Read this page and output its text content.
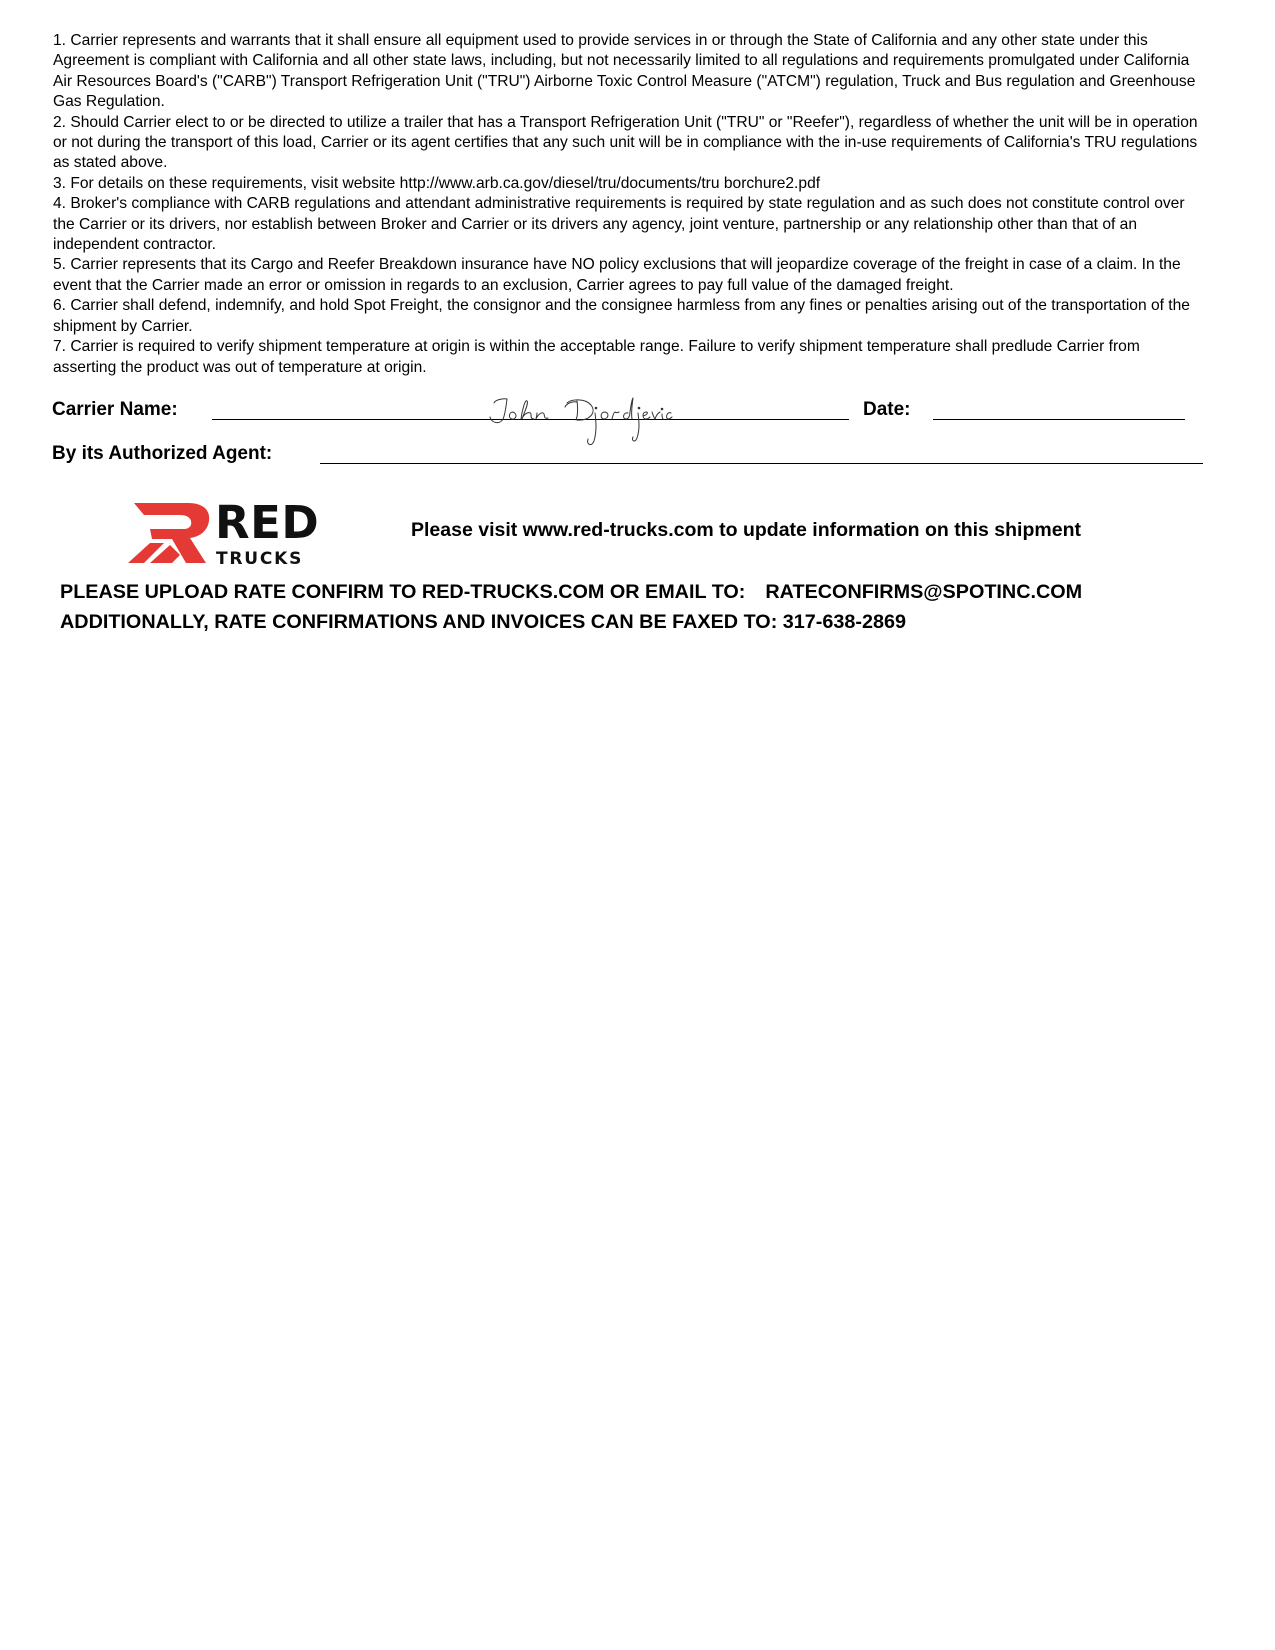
1. Carrier represents and warrants that it shall ensure all equipment used to provide services in or through the State of California and any other state under this Agreement is compliant with California and all other state laws, including, but not necessarily limited to all regulations and requirements promulgated under California Air Resources Board's ("CARB") Transport Refrigeration Unit ("TRU") Airborne Toxic Control Measure ("ATCM") regulation, Truck and Bus regulation and Greenhouse Gas Regulation.

2. Should Carrier elect to or be directed to utilize a trailer that has a Transport Refrigeration Unit ("TRU" or "Reefer"), regardless of whether the unit will be in operation or not during the transport of this load, Carrier or its agent certifies that any such unit will be in compliance with the in-use requirements of California's TRU regulations as stated above.

3. For details on these requirements, visit website http://www.arb.ca.gov/diesel/tru/documents/tru borchure2.pdf

4. Broker's compliance with CARB regulations and attendant administrative requirements is required by state regulation and as such does not constitute control over the Carrier or its drivers, nor establish between Broker and Carrier or its drivers any agency, joint venture, partnership or any relationship other than that of an independent contractor.

5. Carrier represents that its Cargo and Reefer Breakdown insurance have NO policy exclusions that will jeopardize coverage of the freight in case of a claim. In the event that the Carrier made an error or omission in regards to an exclusion, Carrier agrees to pay full value of the damaged freight.

6. Carrier shall defend, indemnify, and hold Spot Freight, the consignor and the consignee harmless from any fines or penalties arising out of the transportation of the shipment by Carrier.

7. Carrier is required to verify shipment temperature at origin is within the acceptable range. Failure to verify shipment temperature shall predlude Carrier from asserting the product was out of temperature at origin.

Carrier Name:	Date:
By its Authorized Agent:
RED
TRUCKS
Please visit www.red-trucks.com to update information on this shipment
PLEASE UPLOAD RATE CONFIRM TO RED-TRUCKS.COM OR EMAIL TO: RATECONFIRMS@SPOTINC.COM
ADDITIONALLY, RATE CONFIRMATIONS AND INVOICES CAN BE FAXED TO: 317-638-2869
